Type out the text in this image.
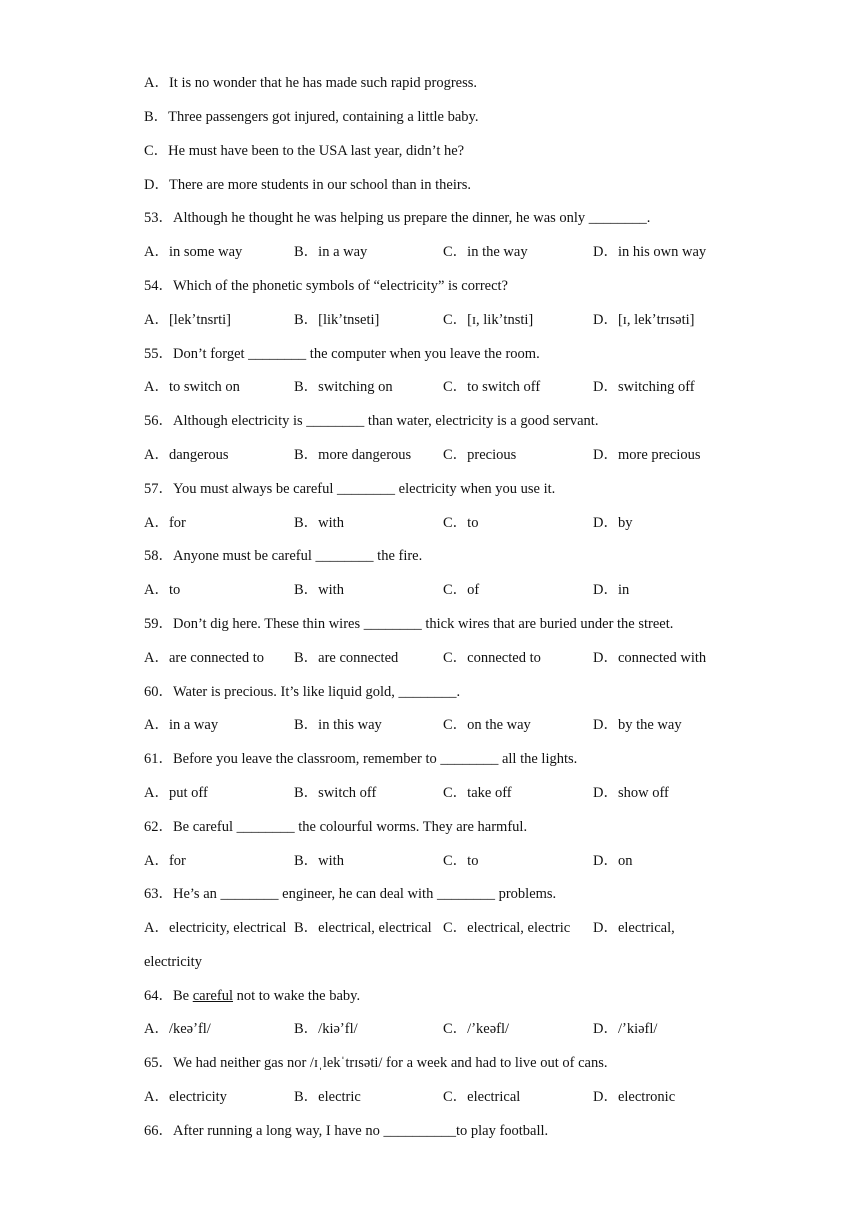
A．It is no wonder that he has made such rapid progress.
B．Three passengers got injured, containing a little baby.
C．He must have been to the USA last year, didn’t he?
D．There are more students in our school than in theirs.
53．Although he thought he was helping us prepare the dinner, he was only ________.
A．in some way	B．in a way	C．in the way	D．in his own way
54．Which of the phonetic symbols of “electricity” is correct?
A．[lekʼtnsrti]	B．[likʼtnseti]	C．[ɪ, likʼtnsti]	D．[ɪ, lekʼtrɪsəti]
55．Don’t forget ________ the computer when you leave the room.
A．to switch on	B．switching on	C．to switch off	D．switching off
56．Although electricity is ________ than water, electricity is a good servant.
A．dangerous	B．more dangerous C．precious	D．more precious
57．You must always be careful ________ electricity when you use it.
A．for	B．with	C．to	D．by
58．Anyone must be careful ________ the fire.
A．to	B．with	C．of	D．in
59．Don’t dig here. These thin wires ________ thick wires that are buried under the street.
A．are connected to B．are connected	C．connected to	D．connected with
60．Water is precious. It’s like liquid gold, ________.
A．in a way	B．in this way	C．on the way	D．by the way
61．Before you leave the classroom, remember to ________ all the lights.
A．put off	B．switch off	C．take off	D．show off
62．Be careful ________ the colourful worms. They are harmful.
A．for	B．with	C．to	D．on
63．He’s an ________ engineer, he can deal with ________ problems.
A．electricity, electrical B．electrical, electrical C．electrical, electric D．electrical,
electricity
64．Be careful not to wake the baby.
A．/keəʼfl/	B．/kiəʼfl/	C．/ʼkeəfl/	D．/ʼkiəfl/
65．We had neither gas nor /ɪˌlekˈtrɪsəti/ for a week and had to live out of cans.
A．electricity	B．electric	C．electrical	D．electronic
66．After running a long way, I have no __________to play football.
